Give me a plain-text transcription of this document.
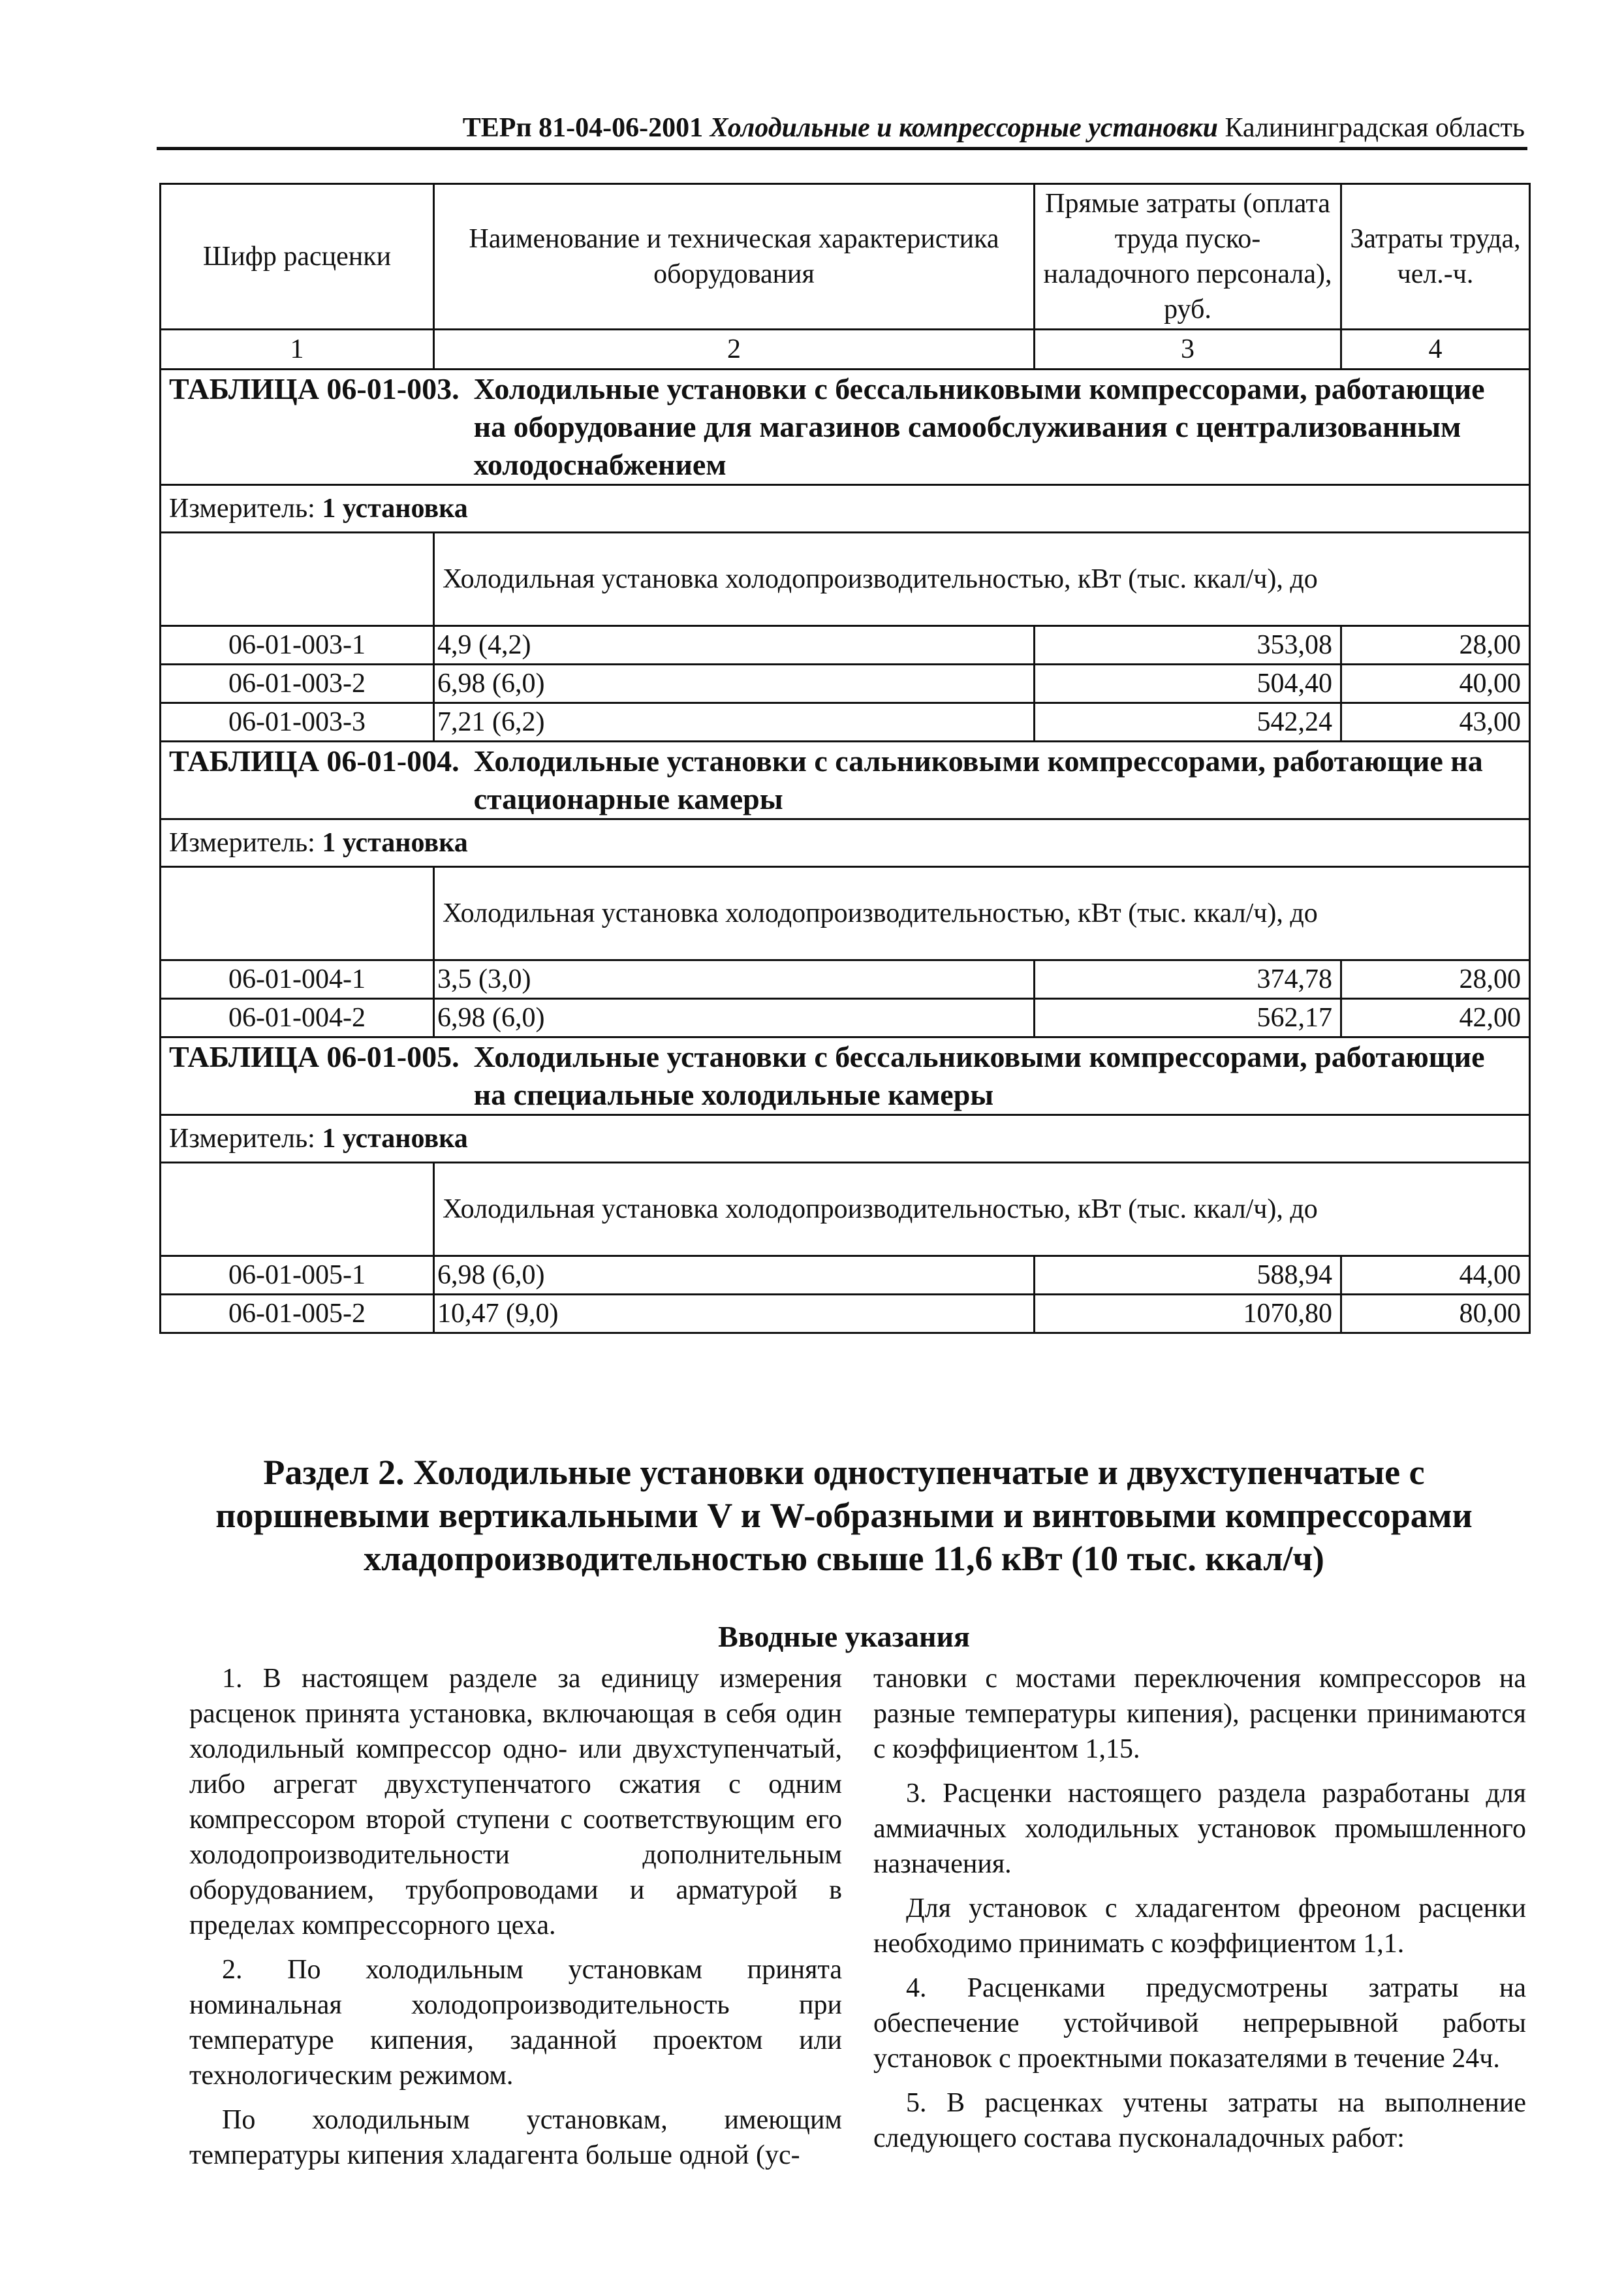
ТЕРп 81-04-06-2001 Холодильные и компрессорные установки Калининградская область
Шифр расценки	Наименование и техническая характеристика оборудования	Прямые затраты (оплата труда пуско-наладочного персонала), руб.	Затраты труда, чел.-ч.
1	2	3	4

ТАБЛИЦА 06-01-003. Холодильные установки с бессальниковыми компрессорами, работающие на оборудование для магазинов самообслуживания с централизованным холодоснабжением			

Измеритель: 1 установка			
	Холодильная установка холодопроизводительностью, кВт (тыс. ккал/ч), до		
06-01-003-1	4,9 (4,2)	353,08	28,00
06-01-003-2	6,98 (6,0)	504,40	40,00
06-01-003-3	7,21 (6,2)	542,24	43,00

ТАБЛИЦА 06-01-004. Холодильные установки с сальниковыми компрессорами, работающие на стационарные камеры			

Измеритель: 1 установка			
	Холодильная установка холодопроизводительностью, кВт (тыс. ккал/ч), до		
06-01-004-1	3,5 (3,0)	374,78	28,00
06-01-004-2	6,98 (6,0)	562,17	42,00

ТАБЛИЦА 06-01-005. Холодильные установки с бессальниковыми компрессорами, работающие на специальные холодильные камеры			

Измеритель: 1 установка			
	Холодильная установка холодопроизводительностью, кВт (тыс. ккал/ч), до		
06-01-005-1	6,98 (6,0)	588,94	44,00
06-01-005-2	10,47 (9,0)	1070,80	80,00
Раздел 2. Холодильные установки одноступенчатые и двухступенчатые с поршневыми вертикальными V и W-образными и винтовыми компрессорами хладопроизводительностью свыше 11,6 кВт (10 тыс. ккал/ч)
Вводные указания

1. В настоящем разделе за единицу измерения расценок принята установка, включающая в себя один холодильный компрессор одно- или двухступенчатый, либо агрегат двухступенчатого сжатия с одним компрессором второй ступени с соответствующим его холодопроизводительности дополнительным оборудованием, трубопроводами и арматурой в пределах компрессорного цеха.

2. По холодильным установкам принята номинальная холодопроизводительность при температуре кипения, заданной проектом или технологическим режимом.

По холодильным установкам, имеющим температуры кипения хладагента больше одной (ус-

тановки с мостами переключения компрессоров на разные температуры кипения), расценки принимаются с коэффициентом 1,15.

3. Расценки настоящего раздела разработаны для аммиачных холодильных установок промышленного назначения.

Для установок с хладагентом фреоном расценки необходимо принимать с коэффициентом 1,1.

4. Расценками предусмотрены затраты на обеспечение устойчивой непрерывной работы установок с проектными показателями в течение 24ч.

5. В расценках учтены затраты на выполнение следующего состава пусконаладочных работ:
